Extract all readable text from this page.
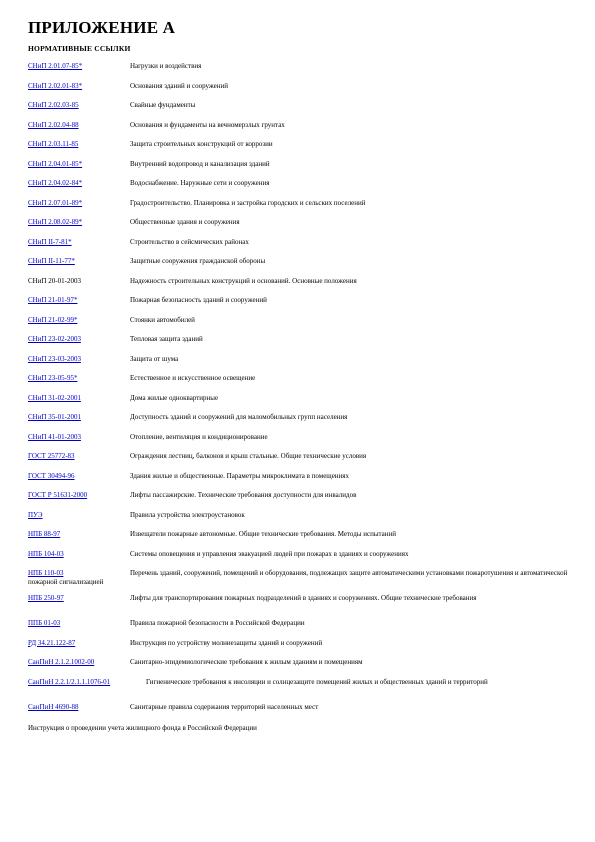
ПРИЛОЖЕНИЕ А
НОРМАТИВНЫЕ ССЫЛКИ
СНиП 2.01.07-85*	Нагрузки и воздействия
СНиП 2.02.01-83*	Основания зданий и сооружений
СНиП 2.02.03-85	Свайные фундаменты
СНиП 2.02.04-88	Основания и фундаменты на вечномерзлых грунтах
СНиП 2.03.11-85	Защита строительных конструкций от коррозии
СНиП 2.04.01-85*	Внутренний водопровод и канализация зданий
СНиП 2.04.02-84*	Водоснабжение. Наружные сети и сооружения
СНиП 2.07.01-89*	Градостроительство. Планировка и застройка городских и сельских поселений
СНиП 2.08.02-89*	Общественные здания и сооружения
СНиП II-7-81*	Строительство в сейсмических районах
СНиП II-11-77*	Защитные сооружения гражданской обороны
СНиП 20-01-2003	Надежность строительных конструкций и оснований. Основные положения
СНиП 21-01-97*	Пожарная безопасность зданий и сооружений
СНиП 21-02-99*	Стоянки автомобилей
СНиП 23-02-2003	Тепловая защита зданий
СНиП 23-03-2003	Защита от шума
СНиП 23-05-95*	Естественное и искусственное освещение
СНиП 31-02-2001	Дома жилые одноквартирные
СНиП 35-01-2001	Доступность зданий и сооружений для маломобильных групп населения
СНиП 41-01-2003	Отопление, вентиляция и кондиционирование
ГОСТ 25772-83	Ограждения лестниц, балконов и крыш стальные. Общие технические условия
ГОСТ 30494-96	Здания жилые и общественные. Параметры микроклимата в помещениях
ГОСТ Р 51631-2000	Лифты пассажирские. Технические требования доступности для инвалидов
ПУЭ	Правила устройства электроустановок
НПБ 88-97	Извещатели пожарные автономные. Общие технические требования. Методы испытаний
НПБ 104-03	Системы оповещения и управления эвакуацией людей при пожарах в зданиях и сооружениях
НПБ 110-03	Перечень зданий, сооружений, помещений и оборудования, подлежащих защите автоматическими установками пожаротушения и автоматической пожарной сигнализацией
НПБ 250-97	Лифты для транспортирования пожарных подразделений в зданиях и сооружениях. Общие технические требования
ППБ 01-03	Правила пожарной безопасности в Российской Федерации
РД 34.21.122-87	Инструкция по устройству молниезащиты зданий и сооружений
СанПиН 2.1.2.1002-00	Санитарно-эпидемиологические требования к жилым зданиям и помещениям
СанПиН 2.2.1/2.1.1.1076-01	Гигиенические требования к инсоляции и солнцезащите помещений жилых и общественных зданий и территорий
СанПиН 4690-88	Санитарные правила содержания территорий населенных мест
Инструкция о проведении учета жилищного фонда в Российской Федерации
